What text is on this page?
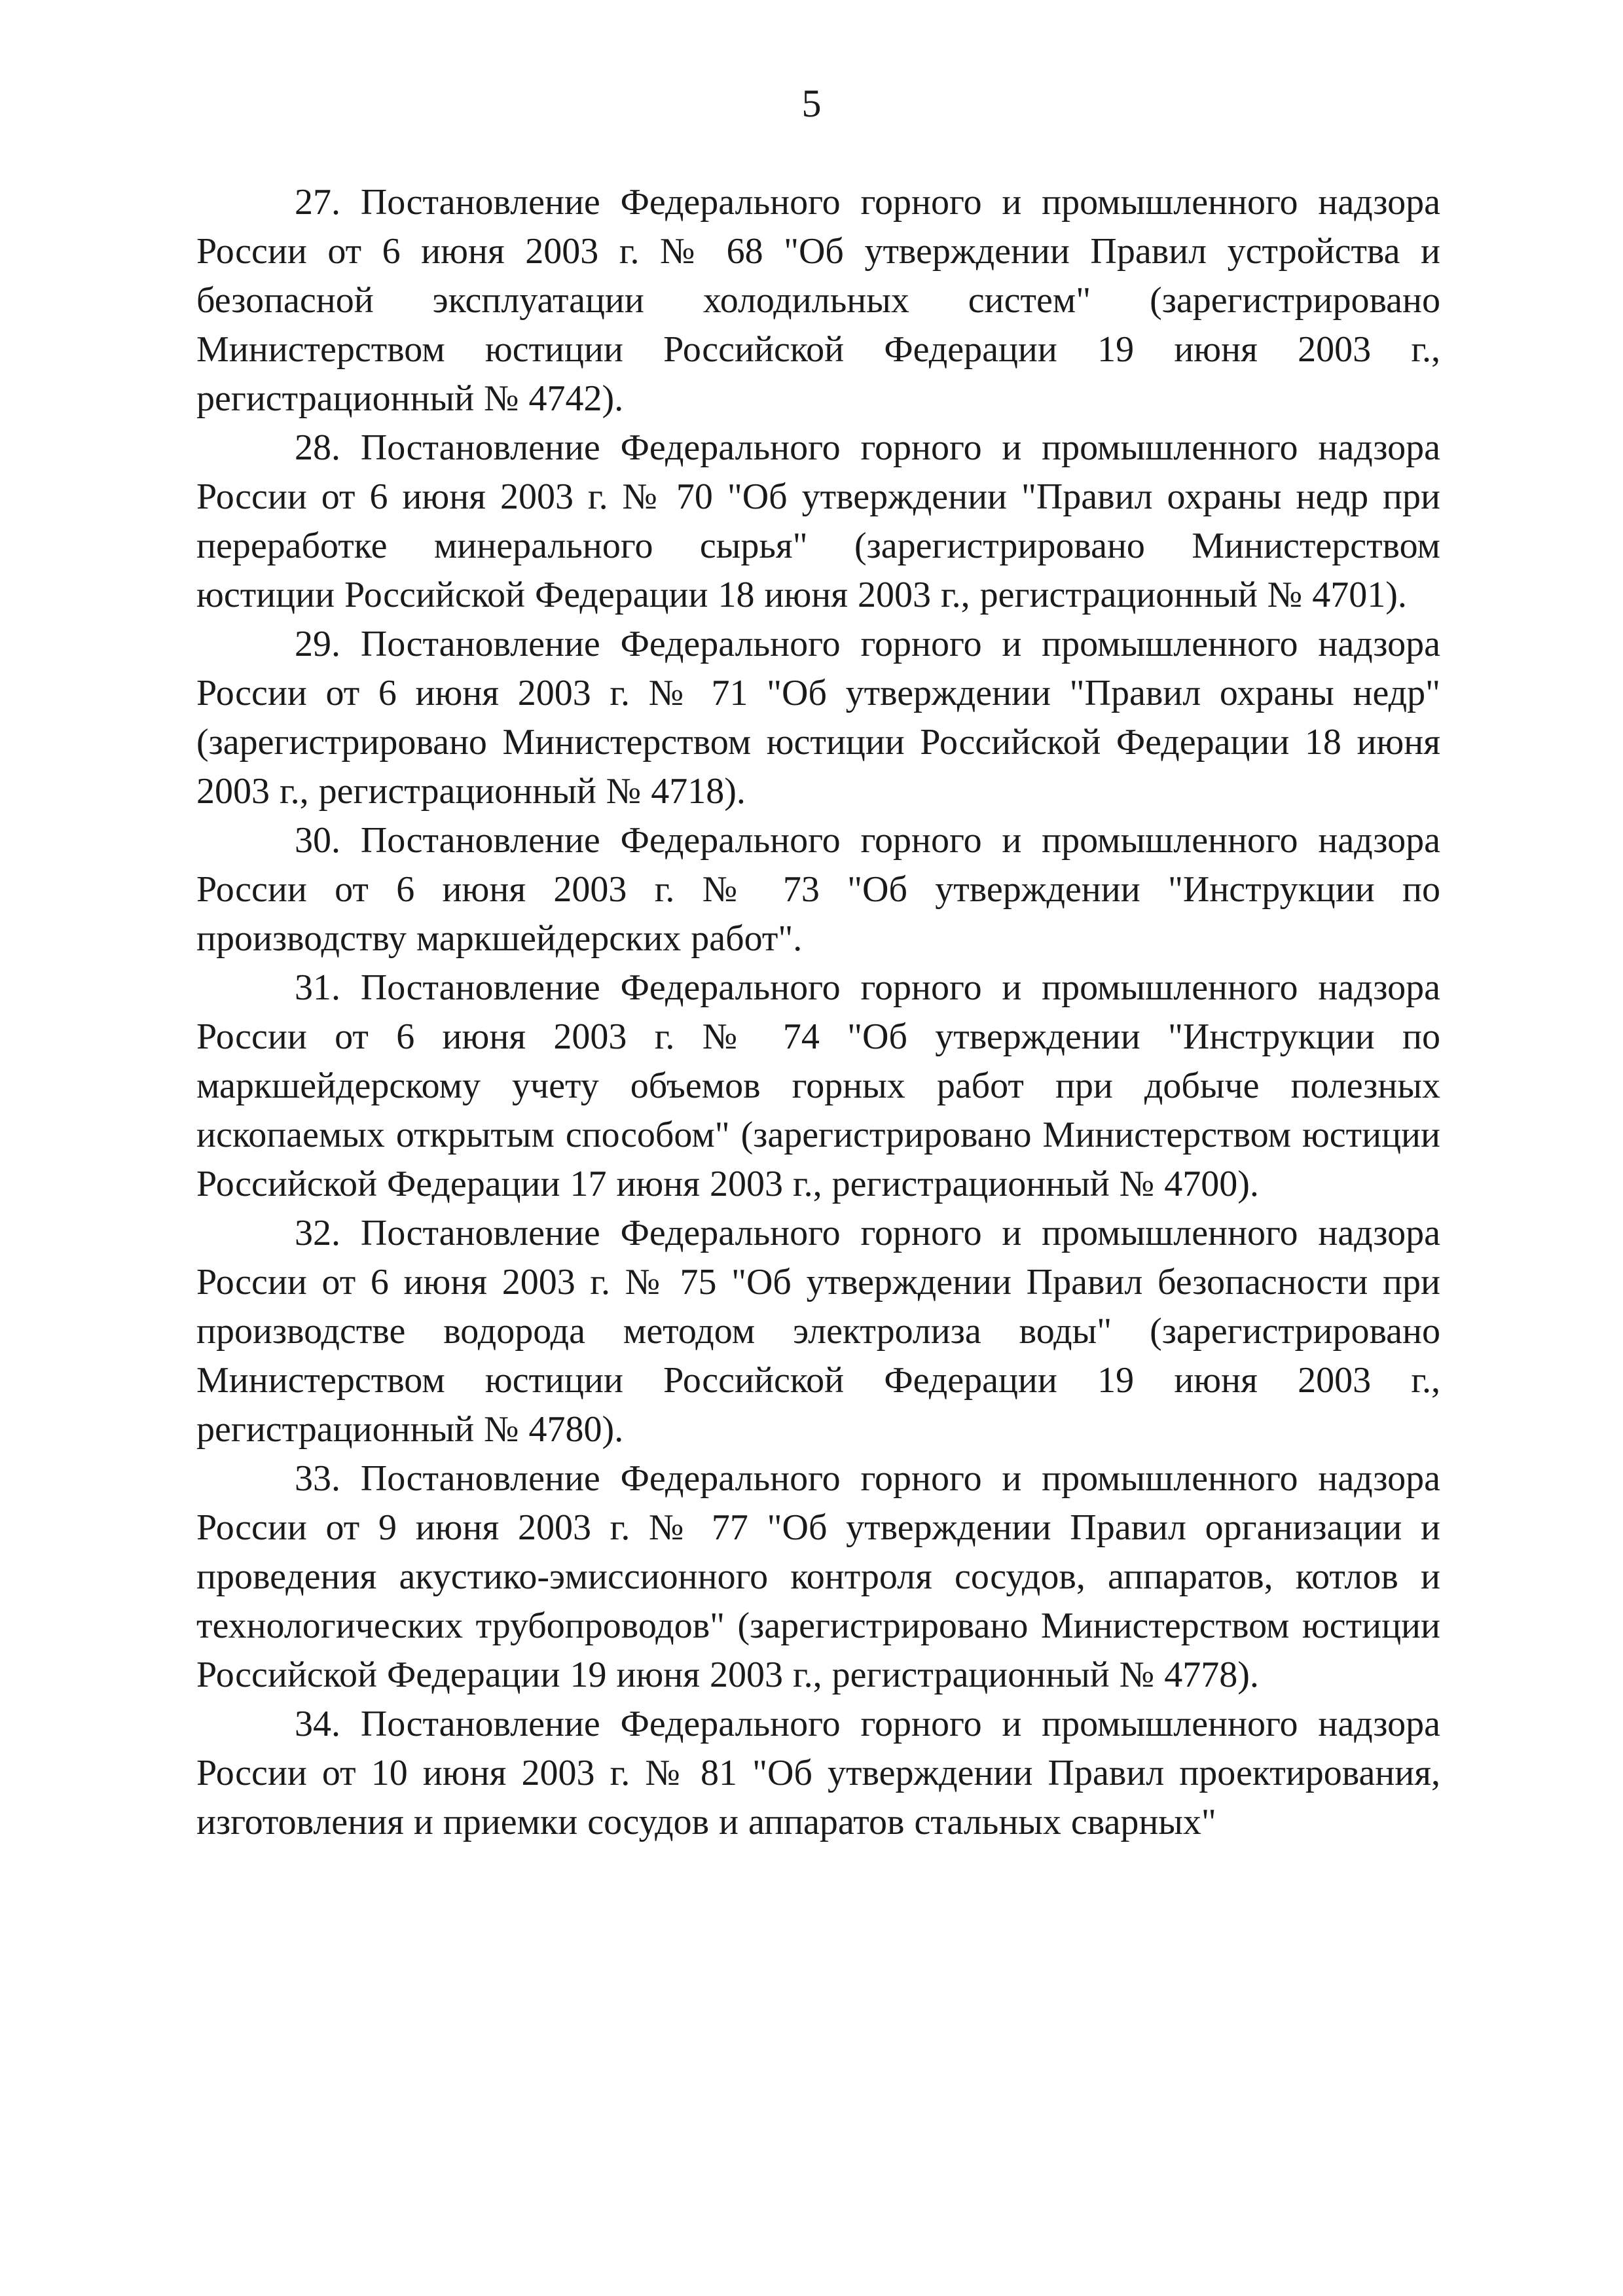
5

27. Постановление Федерального горного и промышленного надзора России от 6 июня 2003 г. № 68 "Об утверждении Правил устройства и безопасной эксплуатации холодильных систем" (зарегистрировано Министерством юстиции Российской Федерации 19 июня 2003 г., регистрационный № 4742).

28. Постановление Федерального горного и промышленного надзора России от 6 июня 2003 г. № 70 "Об утверждении "Правил охраны недр при переработке минерального сырья" (зарегистрировано Министерством юстиции Российской Федерации 18 июня 2003 г., регистрационный № 4701).

29. Постановление Федерального горного и промышленного надзора России от 6 июня 2003 г. № 71 "Об утверждении "Правил охраны недр" (зарегистрировано Министерством юстиции Российской Федерации 18 июня 2003 г., регистрационный № 4718).

30. Постановление Федерального горного и промышленного надзора России от 6 июня 2003 г. № 73 "Об утверждении "Инструкции по производству маркшейдерских работ".

31. Постановление Федерального горного и промышленного надзора России от 6 июня 2003 г. № 74 "Об утверждении "Инструкции по маркшейдерскому учету объемов горных работ при добыче полезных ископаемых открытым способом" (зарегистрировано Министерством юстиции Российской Федерации 17 июня 2003 г., регистрационный № 4700).

32. Постановление Федерального горного и промышленного надзора России от 6 июня 2003 г. № 75 "Об утверждении Правил безопасности при производстве водорода методом электролиза воды" (зарегистрировано Министерством юстиции Российской Федерации 19 июня 2003 г., регистрационный № 4780).

33. Постановление Федерального горного и промышленного надзора России от 9 июня 2003 г. № 77 "Об утверждении Правил организации и проведения акустико-эмиссионного контроля сосудов, аппаратов, котлов и технологических трубопроводов" (зарегистрировано Министерством юстиции Российской Федерации 19 июня 2003 г., регистрационный № 4778).

34. Постановление Федерального горного и промышленного надзора России от 10 июня 2003 г. № 81 "Об утверждении Правил проектирования, изготовления и приемки сосудов и аппаратов стальных сварных"
